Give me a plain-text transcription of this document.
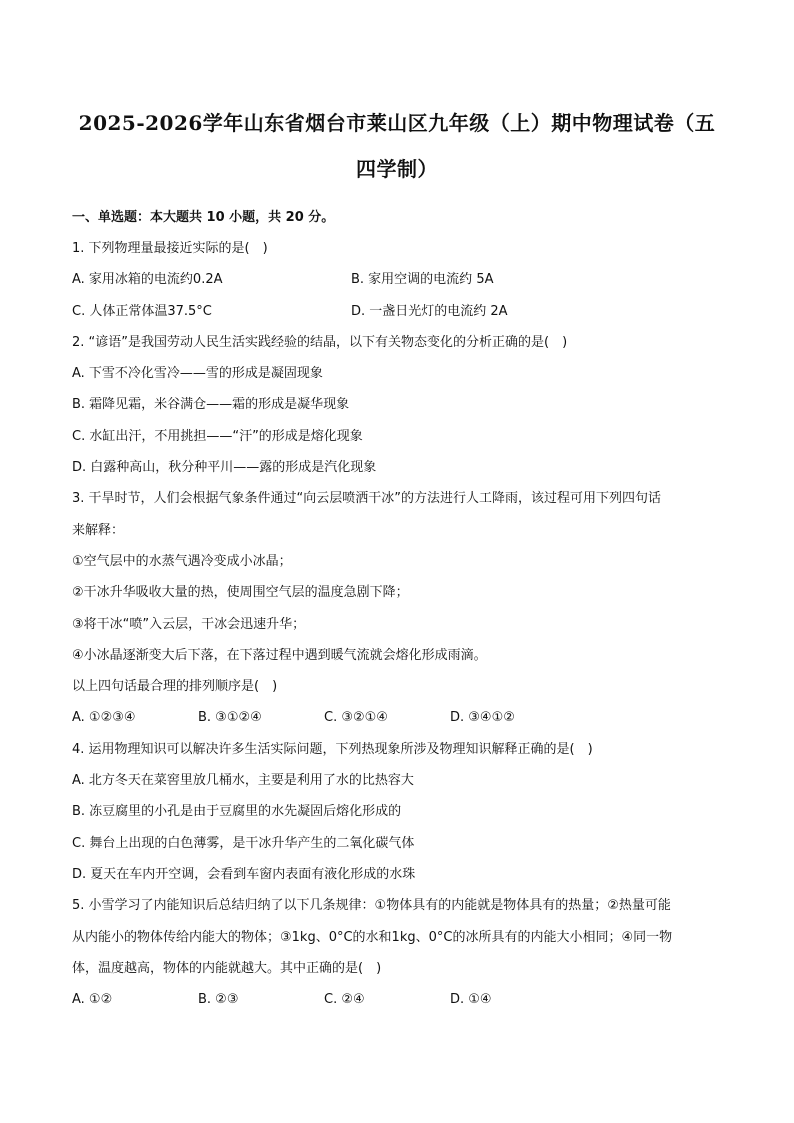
2025-2026学年山东省烟台市莱山区九年级（上）期中物理试卷（五
四学制）
一、单选题：本大题共 10 小题，共 20 分。
1. 下列物理量最接近实际的是(　)
A. 家用冰箱的电流约0.2A	B. 家用空调的电流约 5A
C. 人体正常体温37.5°C	D. 一盏日光灯的电流约 2A
2. “谚语”是我国劳动人民生活实践经验的结晶，以下有关物态变化的分析正确的是(　)
A. 下雪不冷化雪冷——雪的形成是凝固现象
B. 霜降见霜，米谷满仓——霜的形成是凝华现象
C. 水缸出汗，不用挑担——“汗”的形成是熔化现象
D. 白露种高山，秋分种平川——露的形成是汽化现象
3. 干旱时节，人们会根据气象条件通过“向云层喷洒干冰”的方法进行人工降雨，该过程可用下列四句话
来解释：
①空气层中的水蒸气遇冷变成小冰晶；
②干冰升华吸收大量的热，使周围空气层的温度急剧下降；
③将干冰“喷”入云层，干冰会迅速升华；
④小冰晶逐渐变大后下落，在下落过程中遇到暖气流就会熔化形成雨滴。
以上四句话最合理的排列顺序是(　)
A. ①②③④	B. ③①②④	C. ③②①④	D. ③④①②
4. 运用物理知识可以解决许多生活实际问题，下列热现象所涉及物理知识解释正确的是(　)
A. 北方冬天在菜窖里放几桶水，主要是利用了水的比热容大
B. 冻豆腐里的小孔是由于豆腐里的水先凝固后熔化形成的
C. 舞台上出现的白色薄雾，是干冰升华产生的二氧化碳气体
D. 夏天在车内开空调，会看到车窗内表面有液化形成的水珠
5. 小雪学习了内能知识后总结归纳了以下几条规律：①物体具有的内能就是物体具有的热量；②热量可能
从内能小的物体传给内能大的物体；③1kg、0°C的水和1kg、0°C的冰所具有的内能大小相同；④同一物
体，温度越高，物体的内能就越大。其中正确的是(　)
A. ①②	B. ②③	C. ②④	D. ①④
